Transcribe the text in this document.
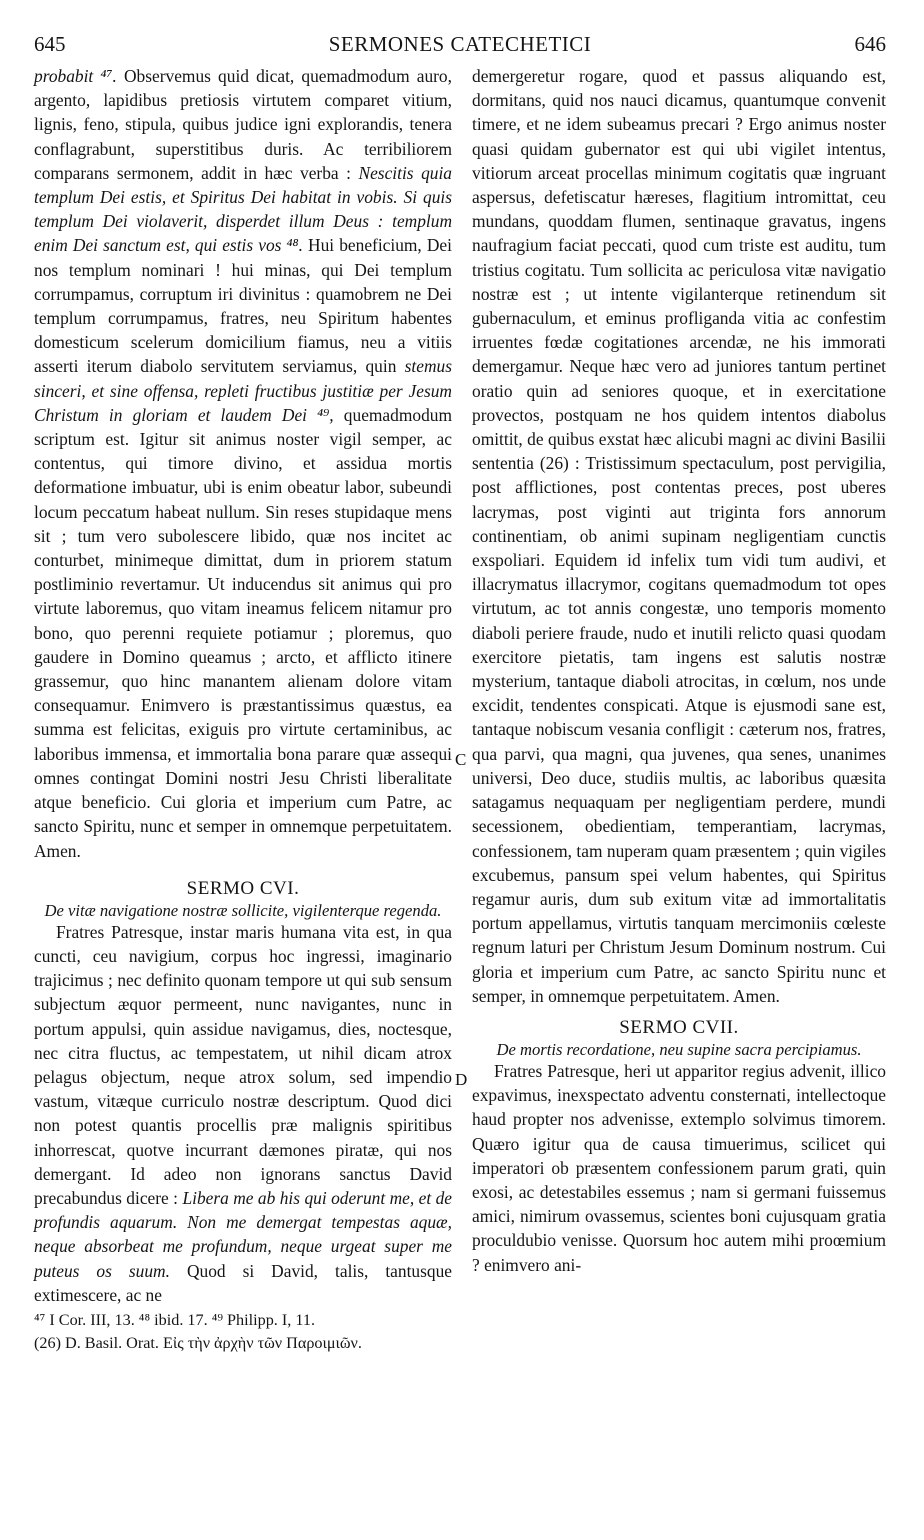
645	SERMONES CATECHETICI	646

probabit ⁴⁷. Observemus quid dicat, quemadmodum auro, argento, lapidibus pretiosis virtutem comparet vitium, lignis, feno, stipula, quibus judice igni explorandis, tenera conflagrabunt, superstitibus duris. Ac terribiliorem comparans sermonem, addit in hæc verba : Nescitis quia templum Dei estis, et Spiritus Dei habitat in vobis. Si quis templum Dei violaverit, disperdet illum Deus : templum enim Dei sanctum est, qui estis vos ⁴⁸. Hui beneficium, Dei nos templum nominari ! hui minas, qui Dei templum corrumpamus, corruptum iri divinitus : quamobrem ne Dei templum corrumpamus, fratres, neu Spiritum habentes domesticum scelerum domicilium fiamus, neu a vitiis asserti iterum diabolo servitutem serviamus, quin stemus sinceri, et sine offensa, repleti fructibus justitiæ per Jesum Christum in gloriam et laudem Dei ⁴⁹, quemadmodum scriptum est. Igitur sit animus noster vigil semper, ac contentus, qui timore divino, et assidua mortis deformatione imbuatur, ubi is enim obeatur labor, subeundi locum peccatum habeat nullum. Sin reses stupidaque mens sit ; tum vero subolescere libido, quæ nos incitet ac conturbet, minimeque dimittat, dum in priorem statum postliminio revertamur. Ut inducendus sit animus qui pro virtute laboremus, quo vitam ineamus felicem nitamur pro bono, quo perenni requiete potiamur ; ploremus, quo gaudere in Domino queamus ; arcto, et afflicto itinere grassemur, quo hinc manantem alienam dolore vitam consequamur. Enimvero is præstantissimus quæstus, ea summa est felicitas, exiguis pro virtute certaminibus, ac laboribus immensa, et immortalia bona parare quæ assequi omnes contingat Domini nostri Jesu Christi liberalitate atque beneficio. Cui gloria et imperium cum Patre, ac sancto Spiritu, nunc et semper in omnemque perpetuitatem. Amen.

SERMO CVI.

De vitæ navigatione nostræ sollicite, vigilenterque regenda.

Fratres Patresque, instar maris humana vita est, in qua cuncti, ceu navigium, corpus hoc ingressi, imaginario trajicimus ; nec definito quonam tempore ut qui sub sensum subjectum æquor permeent, nunc navigantes, nunc in portum appulsi, quin assidue navigamus, dies, noctesque, nec citra fluctus, ac tempestatem, ut nihil dicam atrox pelagus objectum, neque atrox solum, sed impendio vastum, vitæque curriculo nostræ descriptum. Quod dici non potest quantis procellis præ malignis spiritibus inhorrescat, quotve incurrant dæmones piratæ, qui nos demergant. Id adeo non ignorans sanctus David precabundus dicere : Libera me ab his qui oderunt me, et de profundis aquarum. Non me demergat tempestas aquæ, neque absorbeat me profundum, neque urgeat super me puteus os suum. Quod si David, talis, tantusque extimescere, ac ne

⁴⁷ I Cor. III, 13. ⁴⁸ ibid. 17. ⁴⁹ Philipp. I, 11.

(26) D. Basil. Orat. Εἰς τὴν ἀρχὴν τῶν Παροιμιῶν.

C
D

demergeretur rogare, quod et passus aliquando est, dormitans, quid nos nauci dicamus, quantumque convenit timere, et ne idem subeamus precari ? Ergo animus noster quasi quidam gubernator est qui ubi vigilet intentus, vitiorum arceat procellas minimum cogitatis quæ ingruant aspersus, defetiscatur hæreses, flagitium intromittat, ceu mundans, quoddam flumen, sentinaque gravatus, ingens naufragium faciat peccati, quod cum triste est auditu, tum tristius cogitatu. Tum sollicita ac periculosa vitæ navigatio nostræ est ; ut intente vigilanterque retinendum sit gubernaculum, et eminus profliganda vitia ac confestim irruentes fœdæ cogitationes arcendæ, ne his immorati demergamur. Neque hæc vero ad juniores tantum pertinet oratio quin ad seniores quoque, et in exercitatione provectos, postquam ne hos quidem intentos diabolus omittit, de quibus exstat hæc alicubi magni ac divini Basilii sententia (26) : Tristissimum spectaculum, post pervigilia, post afflictiones, post contentas preces, post uberes lacrymas, post viginti aut triginta fors annorum continentiam, ob animi supinam negligentiam cunctis exspoliari. Equidem id infelix tum vidi tum audivi, et illacrymatus illacrymor, cogitans quemadmodum tot opes virtutum, ac tot annis congestæ, uno temporis momento diaboli periere fraude, nudo et inutili relicto quasi quodam exercitore pietatis, tam ingens est salutis nostræ mysterium, tantaque diaboli atrocitas, in cœlum, nos unde excidit, tendentes conspicati. Atque is ejusmodi sane est, tantaque nobiscum vesania confligit : cæterum nos, fratres, qua parvi, qua magni, qua juvenes, qua senes, unanimes universi, Deo duce, studiis multis, ac laboribus quæsita satagamus nequaquam per negligentiam perdere, mundi secessionem, obedientiam, temperantiam, lacrymas, confessionem, tam nuperam quam præsentem ; quin vigiles excubemus, pansum spei velum habentes, qui Spiritus regamur auris, dum sub exitum vitæ ad immortalitatis portum appellamus, virtutis tanquam mercimoniis cœleste regnum laturi per Christum Jesum Dominum nostrum. Cui gloria et imperium cum Patre, ac sancto Spiritu nunc et semper, in omnemque perpetuitatem. Amen.

SERMO CVII.

De mortis recordatione, neu supine sacra percipiamus.

Fratres Patresque, heri ut apparitor regius advenit, illico expavimus, inexspectato adventu consternati, intellectoque haud propter nos advenisse, extemplo solvimus timorem. Quæro igitur qua de causa timuerimus, scilicet qui imperatori ob præsentem confessionem parum grati, quin exosi, ac detestabiles essemus ; nam si germani fuissemus amici, nimirum ovassemus, scientes boni cujusquam gratia proculdubio venisse. Quorsum hoc autem mihi proœmium ? enimvero ani-
